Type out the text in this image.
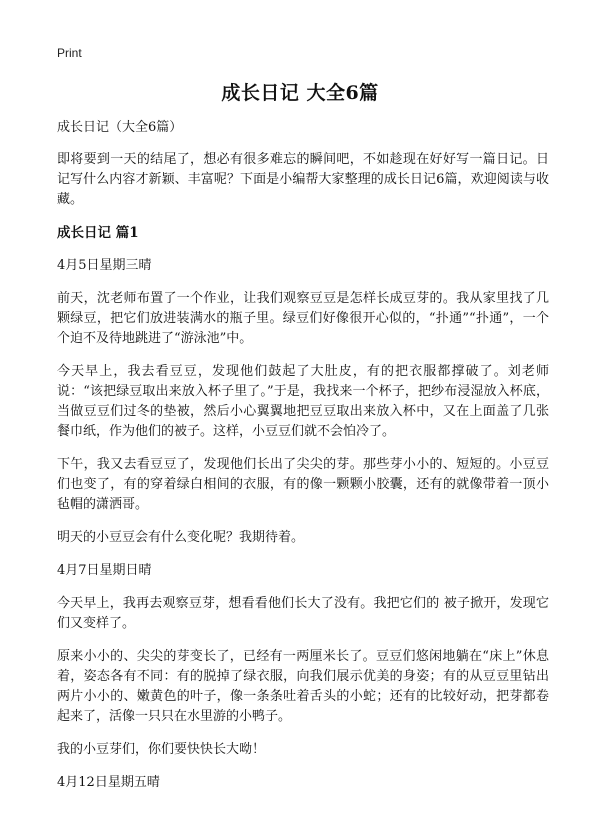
Print
成长日记 大全6篇

成长日记（大全6篇）

即将要到一天的结尾了，想必有很多难忘的瞬间吧，不如趁现在好好写一篇日记。日记写什么内容才新颖、丰富呢？下面是小编帮大家整理的成长日记6篇，欢迎阅读与收藏。

成长日记 篇1

4月5日星期三晴

前天，沈老师布置了一个作业，让我们观察豆豆是怎样长成豆芽的。我从家里找了几颗绿豆，把它们放进装满水的瓶子里。绿豆们好像很开心似的，“扑通”“扑通”，一个个迫不及待地跳进了“游泳池”中。

今天早上，我去看豆豆，发现他们鼓起了大肚皮，有的把衣服都撑破了。刘老师说：“该把绿豆取出来放入杯子里了。”于是，我找来一个杯子，把纱布浸湿放入杯底，当做豆豆们过冬的垫被，然后小心翼翼地把豆豆取出来放入杯中，又在上面盖了几张餐巾纸，作为他们的被子。这样，小豆豆们就不会怕冷了。

下午，我又去看豆豆了，发现他们长出了尖尖的芽。那些芽小小的、短短的。小豆豆们也变了，有的穿着绿白相间的衣服，有的像一颗颗小胶囊，还有的就像带着一顶小毡帽的潇洒哥。

明天的小豆豆会有什么变化呢？我期待着。

4月7日星期日晴

今天早上，我再去观察豆芽，想看看他们长大了没有。我把它们的 被子掀开，发现它们又变样了。

原来小小的、尖尖的芽变长了，已经有一两厘米长了。豆豆们悠闲地躺在“床上”休息着，姿态各有不同：有的脱掉了绿衣服，向我们展示优美的身姿；有的从豆豆里钻出两片小小的、嫩黄色的叶子，像一条条吐着舌头的小蛇；还有的比较好动，把芽都卷起来了，活像一只只在水里游的小鸭子。

我的小豆芽们，你们要快快长大呦！

4月12日星期五晴
